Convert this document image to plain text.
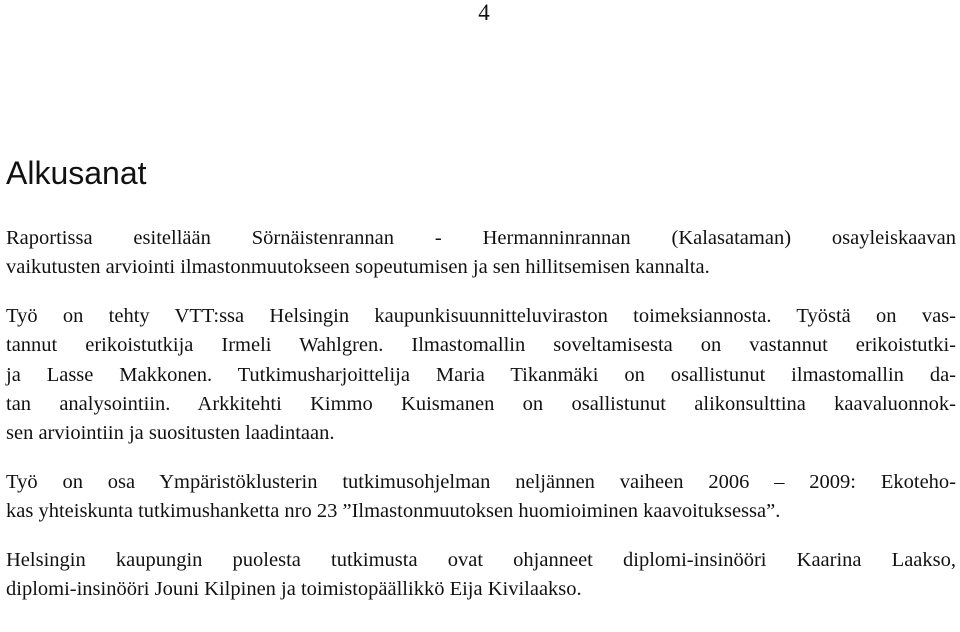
4
Alkusanat

Raportissa esitellään Sörnäistenrannan - Hermanninrannan (Kalasataman) osayleiskaavan
vaikutusten arviointi ilmastonmuutokseen sopeutumisen ja sen hillitsemisen kannalta.

Työ on tehty VTT:ssa Helsingin kaupunkisuunnitteluviraston toimeksiannosta. Työstä on vas-
tannut erikoistutkija Irmeli Wahlgren. Ilmastomallin soveltamisesta on vastannut erikoistutki-
ja Lasse Makkonen. Tutkimusharjoittelija Maria Tikanmäki on osallistunut ilmastomallin da-
tan analysointiin. Arkkitehti Kimmo Kuismanen on osallistunut alikonsulttina kaavaluonnok-
sen arviointiin ja suositusten laadintaan.

Työ on osa Ympäristöklusterin tutkimusohjelman neljännen vaiheen 2006 – 2009: Ekoteho-
kas yhteiskunta tutkimushanketta nro 23 ”Ilmastonmuutoksen huomioiminen kaavoituksessa”.

Helsingin kaupungin puolesta tutkimusta ovat ohjanneet diplomi-insinööri Kaarina Laakso,
diplomi-insinööri Jouni Kilpinen ja toimistopäällikkö Eija Kivilaakso.
